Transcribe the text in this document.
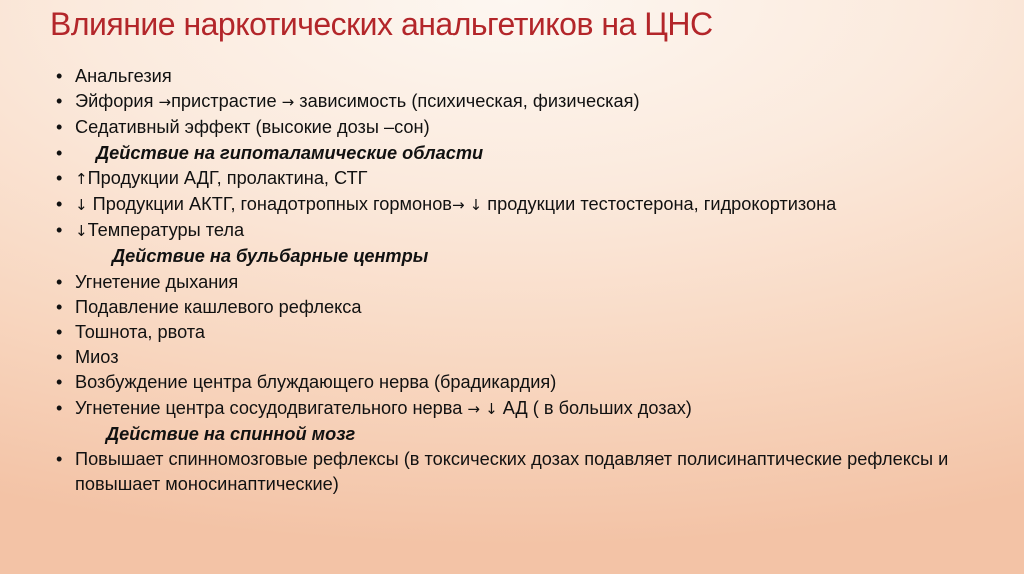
Влияние наркотических анальгетиков на ЦНС
• Анальгезия
• Эйфория →пристрастие → зависимость (психическая, физическая)
• Седативный эффект (высокие дозы –сон)
• Действие на гипоталамические области
• ↑Продукции АДГ, пролактина, СТГ
• ↓ Продукции АКТГ, гонадотропных гормонов→ ↓ продукции тестостерона, гидрокортизона
• ↓Температуры тела
Действие на бульбарные центры
• Угнетение дыхания
• Подавление кашлевого рефлекса
• Тошнота, рвота
• Миоз
• Возбуждение центра блуждающего нерва (брадикардия)
• Угнетение центра сосудодвигательного нерва → ↓ АД ( в больших дозах)
Действие на спинной мозг
• Повышает спинномозговые рефлексы (в токсических дозах подавляет полисинаптические рефлексы и повышает моносинаптические)
